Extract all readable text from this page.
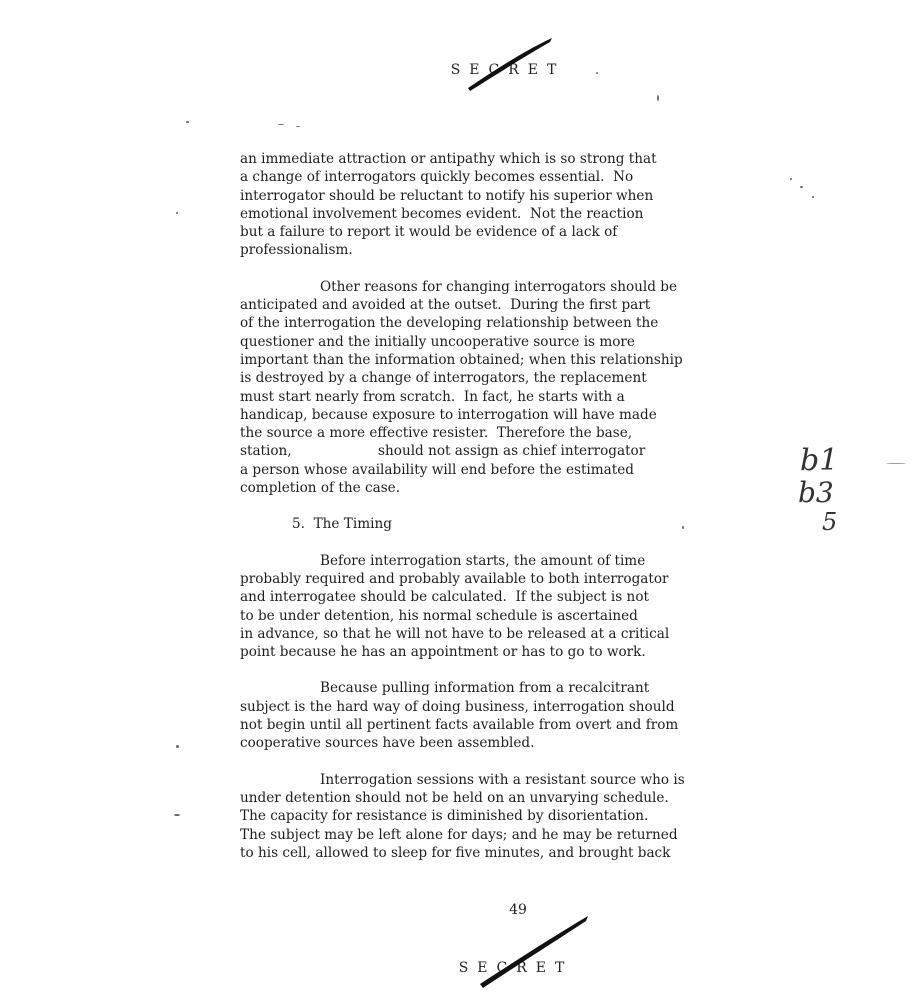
SECRET
an immediate attraction or antipathy which is so strong that
a change of interrogators quickly becomes essential.  No
interrogator should be reluctant to notify his superior when
emotional involvement becomes evident.  Not the reaction
but a failure to report it would be evidence of a lack of
professionalism.
Other reasons for changing interrogators should be
anticipated and avoided at the outset.  During the first part
of the interrogation the developing relationship between the
questioner and the initially uncooperative source is more
important than the information obtained; when this relationship
is destroyed by a change of interrogators, the replacement
must start nearly from scratch.  In fact, he starts with a
handicap, because exposure to interrogation will have made
the source a more effective resister.  Therefore the base,
station,                    should not assign as chief interrogator
a person whose availability will end before the estimated
completion of the case.
5.  The Timing
Before interrogation starts, the amount of time
probably required and probably available to both interrogator
and interrogatee should be calculated.  If the subject is not
to be under detention, his normal schedule is ascertained
in advance, so that he will not have to be released at a critical
point because he has an appointment or has to go to work.
Because pulling information from a recalcitrant
subject is the hard way of doing business, interrogation should
not begin until all pertinent facts available from overt and from
cooperative sources have been assembled.
Interrogation sessions with a resistant source who is
under detention should not be held on an unvarying schedule.
The capacity for resistance is diminished by disorientation.
The subject may be left alone for days; and he may be returned
to his cell, allowed to sleep for five minutes, and brought back
b1
b3
5
49
SECRET
